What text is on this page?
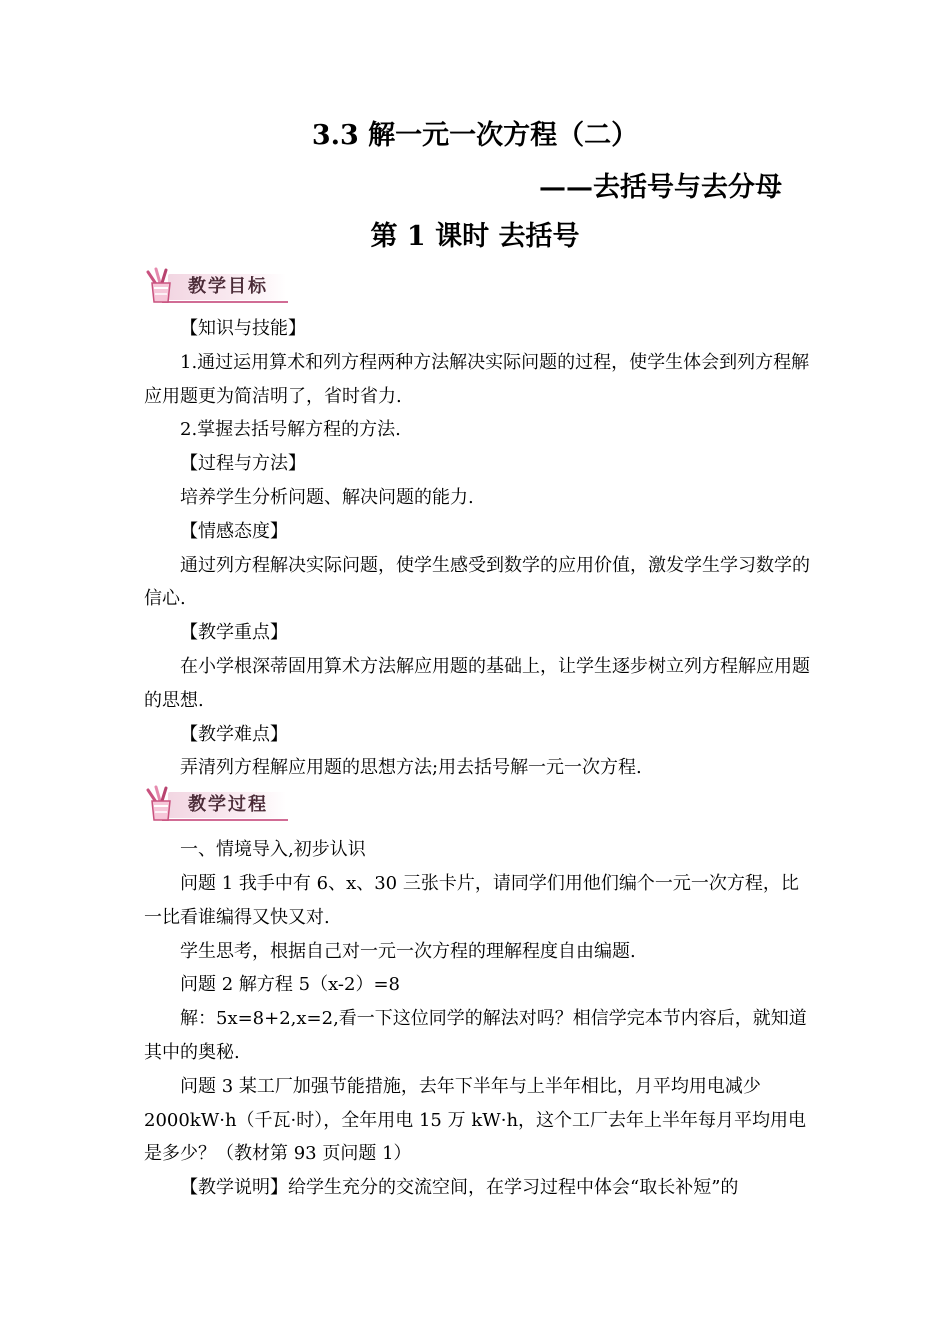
3.3 解一元一次方程（二）
——去括号与去分母
第 1 课时 去括号
教学目标

【知识与技能】

1.通过运用算术和列方程两种方法解决实际问题的过程，使学生体会到列方程解应用题更为简洁明了，省时省力.

2.掌握去括号解方程的方法.

【过程与方法】

培养学生分析问题、解决问题的能力.

【情感态度】

通过列方程解决实际问题，使学生感受到数学的应用价值，激发学生学习数学的信心.

【教学重点】

在小学根深蒂固用算术方法解应用题的基础上，让学生逐步树立列方程解应用题的思想.

【教学难点】

弄清列方程解应用题的思想方法;用去括号解一元一次方程.

一、情境导入,初步认识

问题 1 我手中有 6、x、30 三张卡片，请同学们用他们编个一元一次方程，比一比看谁编得又快又对.

学生思考，根据自己对一元一次方程的理解程度自由编题.

问题 2 解方程 5（x-2）=8

解：5x=8+2,x=2,看一下这位同学的解法对吗？相信学完本节内容后，就知道其中的奥秘.

问题 3 某工厂加强节能措施，去年下半年与上半年相比，月平均用电减少 2000kW·h（千瓦·时），全年用电 15 万 kW·h，这个工厂去年上半年每月平均用电是多少？（教材第 93 页问题 1）

【教学说明】给学生充分的交流空间，在学习过程中体会“取长补短”的

教学过程
